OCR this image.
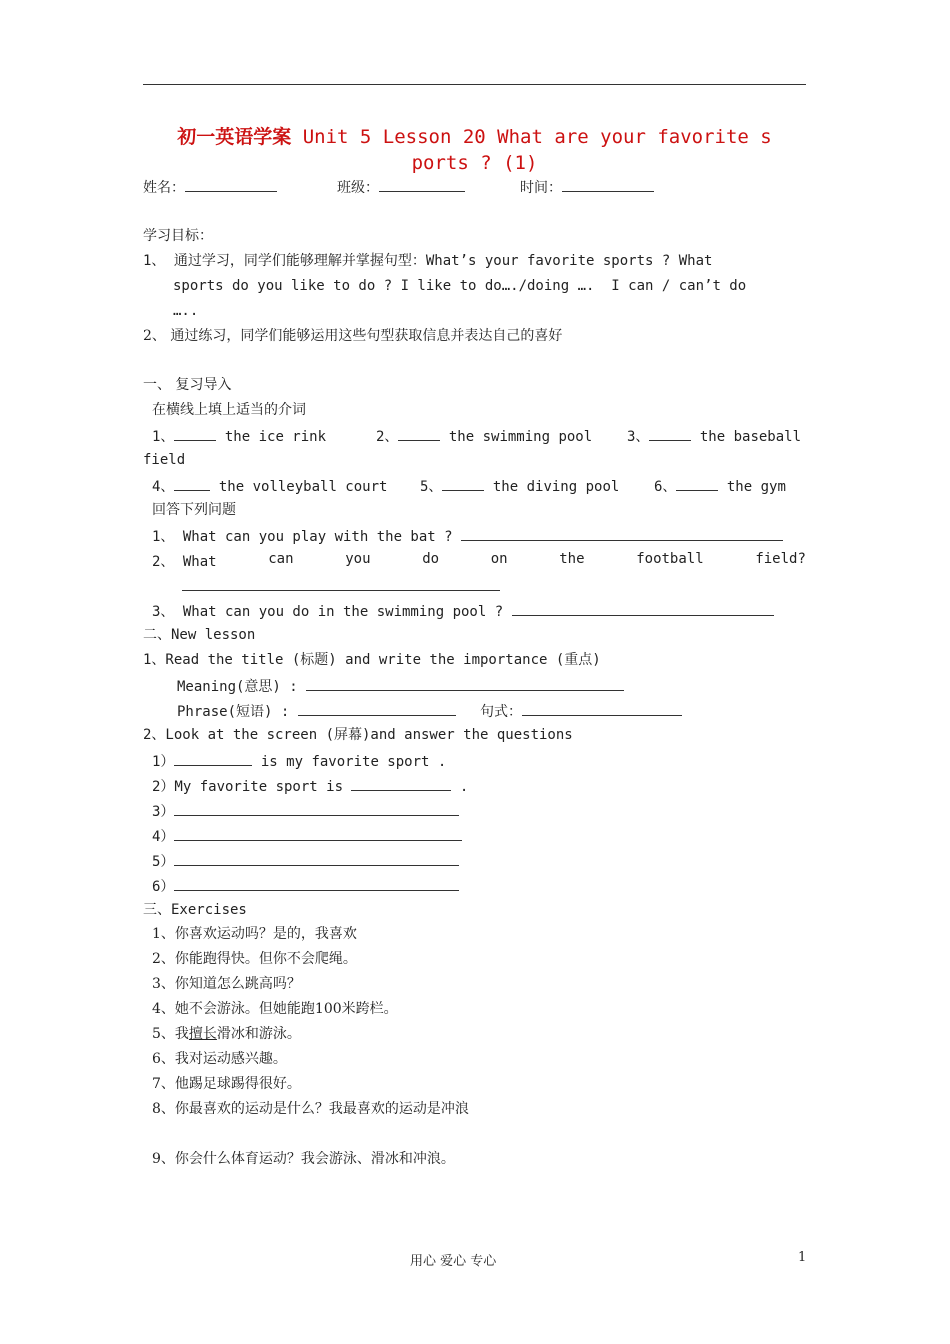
初一英语学案 Unit 5 Lesson 20 What are your favorite s
ports ? (1)
姓名：	班级：	时间：
学习目标：
1、 通过学习，同学们能够理解并掌握句型：What’s your favorite sports ? What
sports do you like to do ? I like to do…./doing ….  I can / can’t do
…..
2、 通过练习，同学们能够运用这些句型获取信息并表达自己的喜好
一、 复习导入
在横线上填上适当的介词
1、	the ice rink	2、	the swimming pool 3、	the baseball
field
4、	the volleyball court 5、	the diving pool 6、	the gym
回答下列问题
1、 What can you play with the bat ?
2、 What	can	you	do	on	the	football	field?
3、 What can you do in the swimming pool ?
二、New lesson
1、Read the title (标题) and write the importance (重点)
Meaning(意思) :
Phrase(短语) :	句式：
2、Look at the screen (屏幕)and answer the questions
1）	is my favorite sport .
2）My favorite sport is	.
3）
4）
5）
6）
三、Exercises
1、你喜欢运动吗？是的，我喜欢
2、你能跑得快。但你不会爬绳。
3、你知道怎么跳高吗？
4、她不会游泳。但她能跑100米跨栏。
5、我擅长滑冰和游泳。
6、我对运动感兴趣。
7、他踢足球踢得很好。
8、你最喜欢的运动是什么？我最喜欢的运动是冲浪
9、你会什么体育运动？我会游泳、滑冰和冲浪。
用心 爱心 专心	1
